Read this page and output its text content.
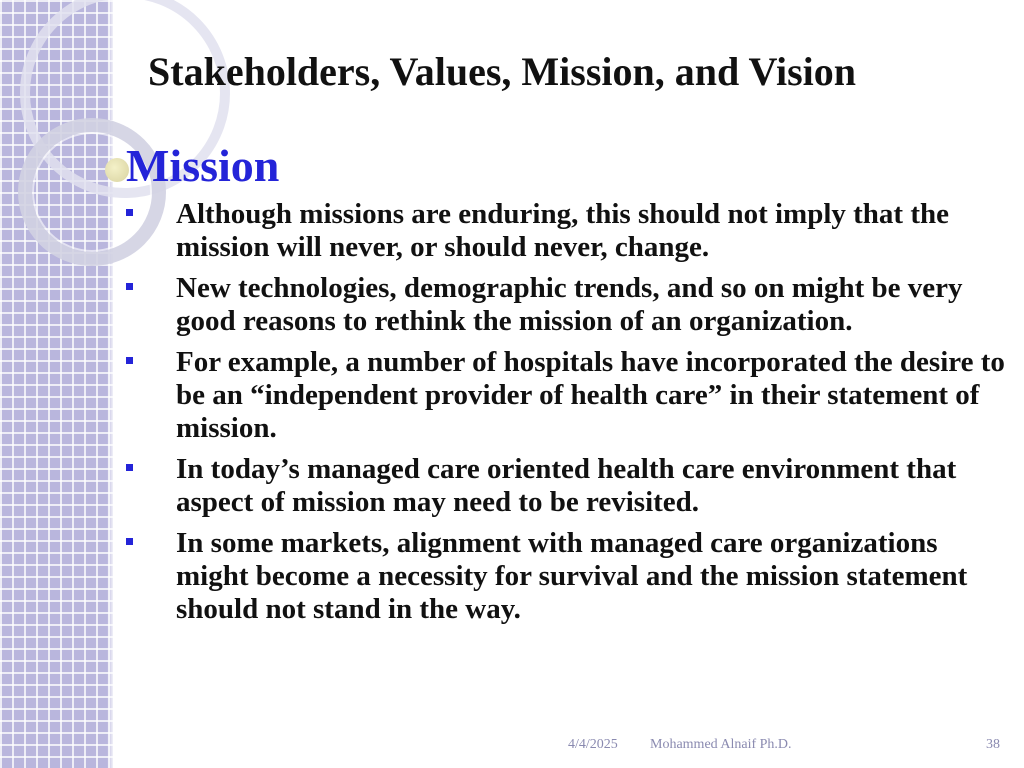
Stakeholders, Values, Mission, and Vision
Mission
Although missions are enduring, this should not imply that the mission will never, or should never, change.
New technologies, demographic trends, and so on might be very good reasons to rethink the mission of an organization.
For example, a number of hospitals have incorporated the desire to be an “independent provider of health care” in their statement of mission.
In today’s managed care oriented health care environment that aspect of mission may need to be revisited.
In some markets, alignment with managed care organizations might become a necessity for survival and the mission statement should not stand in the way.
4/4/2025 Mohammed Alnaif Ph.D.	38
